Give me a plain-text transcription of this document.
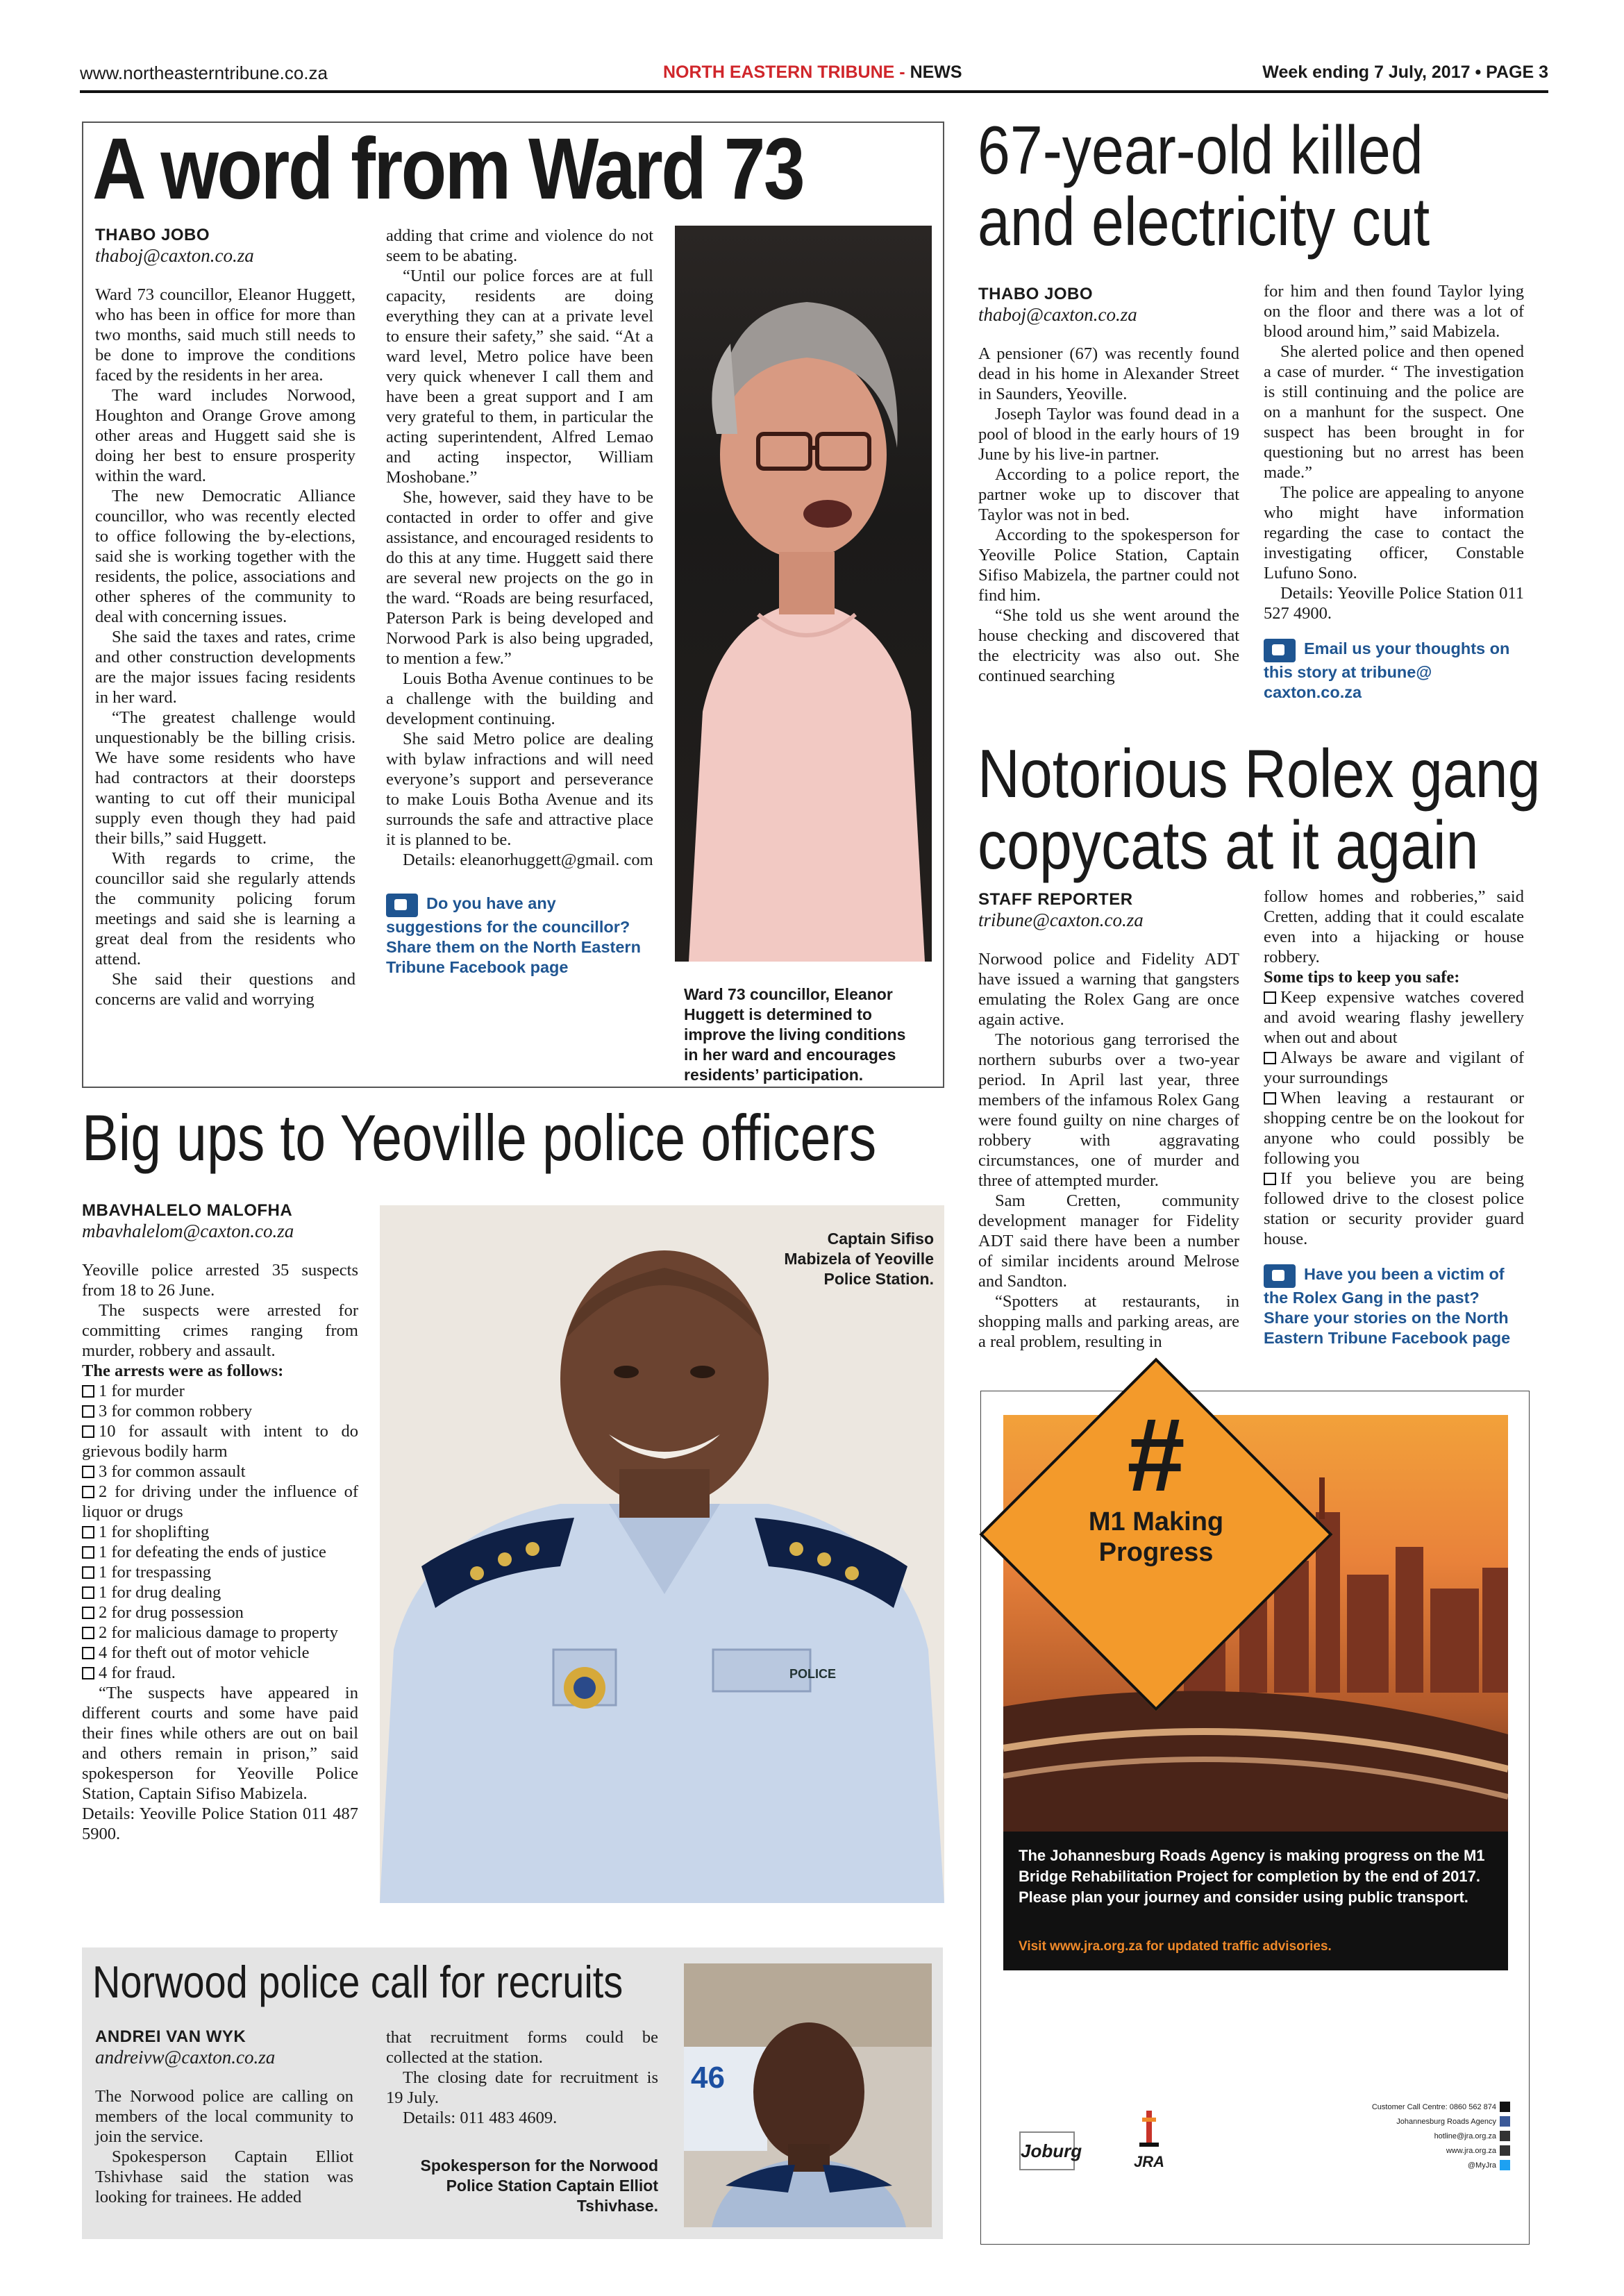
www.northeasterntribune.co.za	NORTH EASTERN TRIBUNE - NEWS	Week ending 7 July, 2017 • PAGE 3
A word from Ward 73
THABO JOBO
thaboj@caxton.co.za

Ward 73 councillor, Eleanor Huggett, who has been in office for more than two months, said much still needs to be done to improve the conditions faced by the residents in her area.

The ward includes Norwood, Houghton and Orange Grove among other areas and Huggett said she is doing her best to ensure prosperity within the ward.

The new Democratic Alliance councillor, who was recently elected to office following the by-elections, said she is working together with the residents, the police, associations and other spheres of the community to deal with concerning issues.

She said the taxes and rates, crime and other construction developments are the major issues facing residents in her ward.

“The greatest challenge would unquestionably be the billing crisis. We have some residents who have had contractors at their doorsteps wanting to cut off their municipal supply even though they had paid their bills,” said Huggett.

With regards to crime, the councillor said she regularly attends the community policing forum meetings and said she is learning a great deal from the residents who attend.

She said their questions and concerns are valid and worrying

adding that crime and violence do not seem to be abating.

“Until our police forces are at full capacity, residents are doing everything they can at a private level to ensure their safety,” she said. “At a ward level, Metro police have been very quick whenever I call them and have been a great support and I am very grateful to them, in particular the acting superintendent, Alfred Lemao and acting inspector, William Moshobane.”

She, however, said they have to be contacted in order to offer and give assistance, and encouraged residents to do this at any time. Huggett said there are several new projects on the go in the ward. “Roads are being resurfaced, Paterson Park is being developed and Norwood Park is also being upgraded, to mention a few.”

Louis Botha Avenue continues to be a challenge with the building and development continuing.

She said Metro police are dealing with bylaw infractions and will need everyone’s support and perseverance to make Louis Botha Avenue and its surrounds the safe and attractive place it is planned to be.

Details: eleanorhuggett@gmail. com

Do you have any suggestions for the councillor? Share them on the North Eastern Tribune Facebook page
Ward 73 councillor, Eleanor Huggett is determined to improve the living conditions in her ward and encourages residents’ participation.
67-year-old killed
and electricity cut
THABO JOBO
thaboj@caxton.co.za

A pensioner (67) was recently found dead in his home in Alexander Street in Saunders, Yeoville.

Joseph Taylor was found dead in a pool of blood in the early hours of 19 June by his live-in partner.

According to a police report, the partner woke up to discover that Taylor was not in bed.

According to the spokesperson for Yeoville Police Station, Captain Sifiso Mabizela, the partner could not find him.

“She told us she went around the house checking and discovered that the electricity was also out. She continued searching

for him and then found Taylor lying on the floor and there was a lot of blood around him,” said Mabizela.

She alerted police and then opened a case of murder. “ The investigation is still continuing and the police are on a manhunt for the suspect. One suspect has been brought in for questioning but no arrest has been made.”

The police are appealing to anyone who might have information regarding the case to contact the investigating officer, Constable Lufuno Sono.

Details: Yeoville Police Station 011 527 4900.

Email us your thoughts on this story at tribune@ caxton.co.za
Notorious Rolex gang
copycats at it again
STAFF REPORTER
tribune@caxton.co.za

Norwood police and Fidelity ADT have issued a warning that gangsters emulating the Rolex Gang are once again active.

The notorious gang terrorised the northern suburbs over a two-year period. In April last year, three members of the infamous Rolex Gang were found guilty on nine charges of robbery with aggravating circumstances, one of murder and three of attempted murder.

Sam Cretten, community development manager for Fidelity ADT said there have been a number of similar incidents around Melrose and Sandton.

“Spotters at restaurants, in shopping malls and parking areas, are a real problem, resulting in

follow homes and robberies,” said Cretten, adding that it could escalate even into a hijacking or house robbery.

Some tips to keep you safe:

Keep expensive watches covered and avoid wearing flashy jewellery when out and about
Always be aware and vigilant of your surroundings
When leaving a restaurant or shopping centre be on the lookout for anyone who could possibly be following you
If you believe you are being followed drive to the closest police station or security provider guard house.
Have you been a victim of the Rolex Gang in the past? Share your stories on the North Eastern Tribune Facebook page
Big ups to Yeoville police officers
MBAVHALELO MALOFHA
mbavhalelom@caxton.co.za

Yeoville police arrested 35 suspects from 18 to 26 June.

The suspects were arrested for committing crimes ranging from murder, robbery and assault.

The arrests were as follows:

1 for murder
3 for common robbery
10 for assault with intent to do grievous bodily harm
3 for common assault
2 for driving under the influence of liquor or drugs
1 for shoplifting
1 for defeating the ends of justice
1 for trespassing
1 for drug dealing
2 for drug possession
2 for malicious damage to property
4 for theft out of motor vehicle
4 for fraud.

“The suspects have appeared in different courts and some have paid their fines while others are out on bail and others remain in prison,” said spokesperson for Yeoville Police Station, Captain Sifiso Mabizela.

Details: Yeoville Police Station 011 487 5900.

POLICE
Captain Sifiso Mabizela of Yeoville Police Station.
Norwood police call for recruits
ANDREI VAN WYK
andreivw@caxton.co.za

The Norwood police are calling on members of the local community to join the service.

Spokesperson Captain Elliot Tshivhase said the station was looking for trainees. He added

that recruitment forms could be collected at the station.

The closing date for recruitment is 19 July.

Details: 011 483 4609.

Spokesperson for the Norwood Police Station Captain Elliot Tshivhase.
46
#
M1 Making
Progress
The Johannesburg Roads Agency is making progress on the M1 Bridge Rehabilitation Project for completion by the end of 2017. Please plan your journey and consider using public transport.
Visit www.jra.org.za for updated traffic advisories.
Joburg
JRA
Customer Call Centre: 0860 562 874
Johannesburg Roads Agency
hotline@jra.org.za
www.jra.org.za
@MyJra
